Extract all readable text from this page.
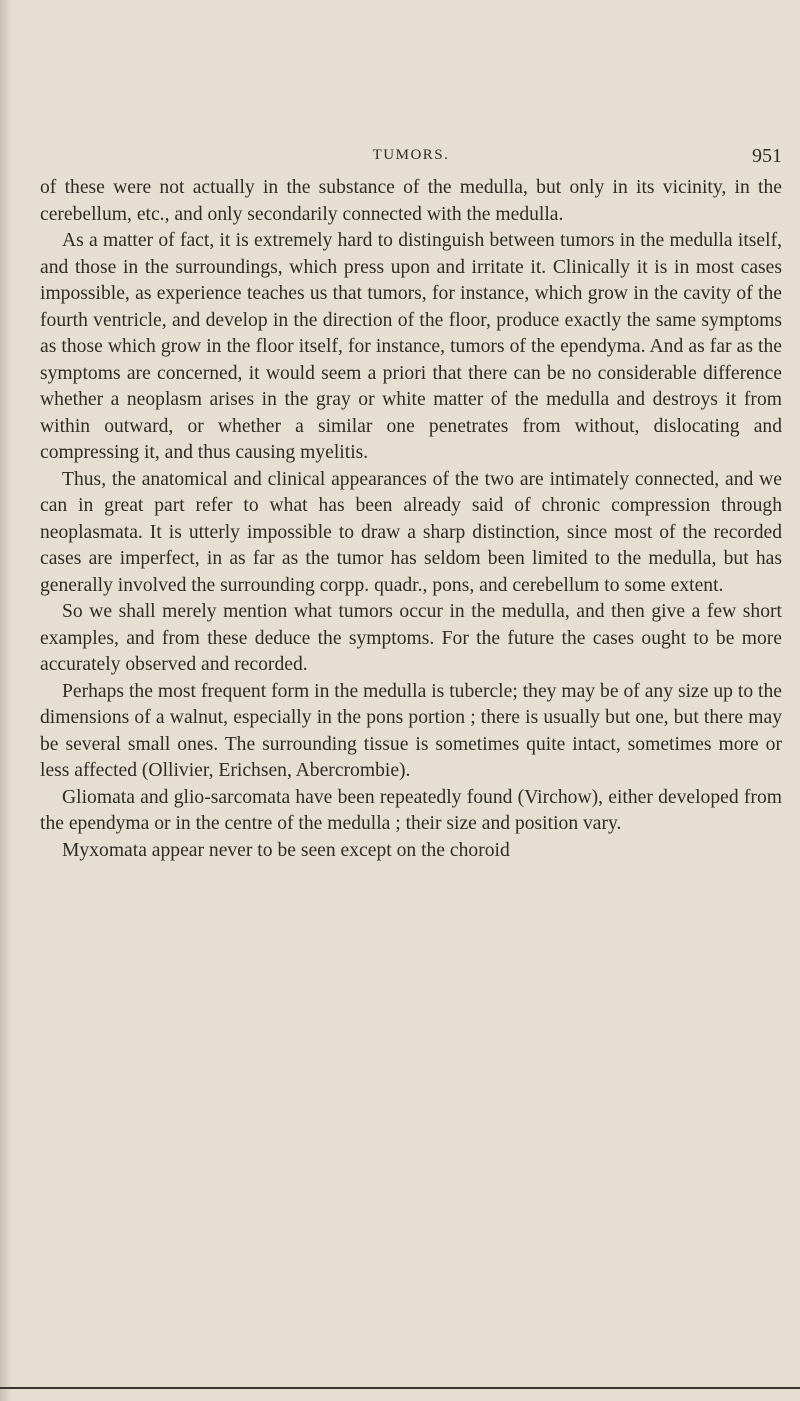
TUMORS.	951

of these were not actually in the substance of the medulla, but only in its vicinity, in the cerebellum, etc., and only secondarily connected with the medulla.

As a matter of fact, it is extremely hard to distinguish between tumors in the medulla itself, and those in the surroundings, which press upon and irritate it. Clinically it is in most cases impossible, as experience teaches us that tumors, for instance, which grow in the cavity of the fourth ventricle, and develop in the direction of the floor, produce exactly the same symptoms as those which grow in the floor itself, for instance, tumors of the ependyma. And as far as the symptoms are concerned, it would seem a priori that there can be no considerable difference whether a neoplasm arises in the gray or white matter of the medulla and destroys it from within outward, or whether a similar one penetrates from without, dislocating and compressing it, and thus causing myelitis.

Thus, the anatomical and clinical appearances of the two are intimately connected, and we can in great part refer to what has been already said of chronic compression through neoplasmata. It is utterly impossible to draw a sharp distinction, since most of the recorded cases are imperfect, in as far as the tumor has seldom been limited to the medulla, but has generally involved the surrounding corpp. quadr., pons, and cerebellum to some extent.

So we shall merely mention what tumors occur in the medulla, and then give a few short examples, and from these deduce the symptoms. For the future the cases ought to be more accurately observed and recorded.

Perhaps the most frequent form in the medulla is tubercle; they may be of any size up to the dimensions of a walnut, especially in the pons portion ; there is usually but one, but there may be several small ones. The surrounding tissue is sometimes quite intact, sometimes more or less affected (Ollivier, Erichsen, Abercrombie).

Gliomata and glio-sarcomata have been repeatedly found (Virchow), either developed from the ependyma or in the centre of the medulla ; their size and position vary.

Myxomata appear never to be seen except on the choroid
